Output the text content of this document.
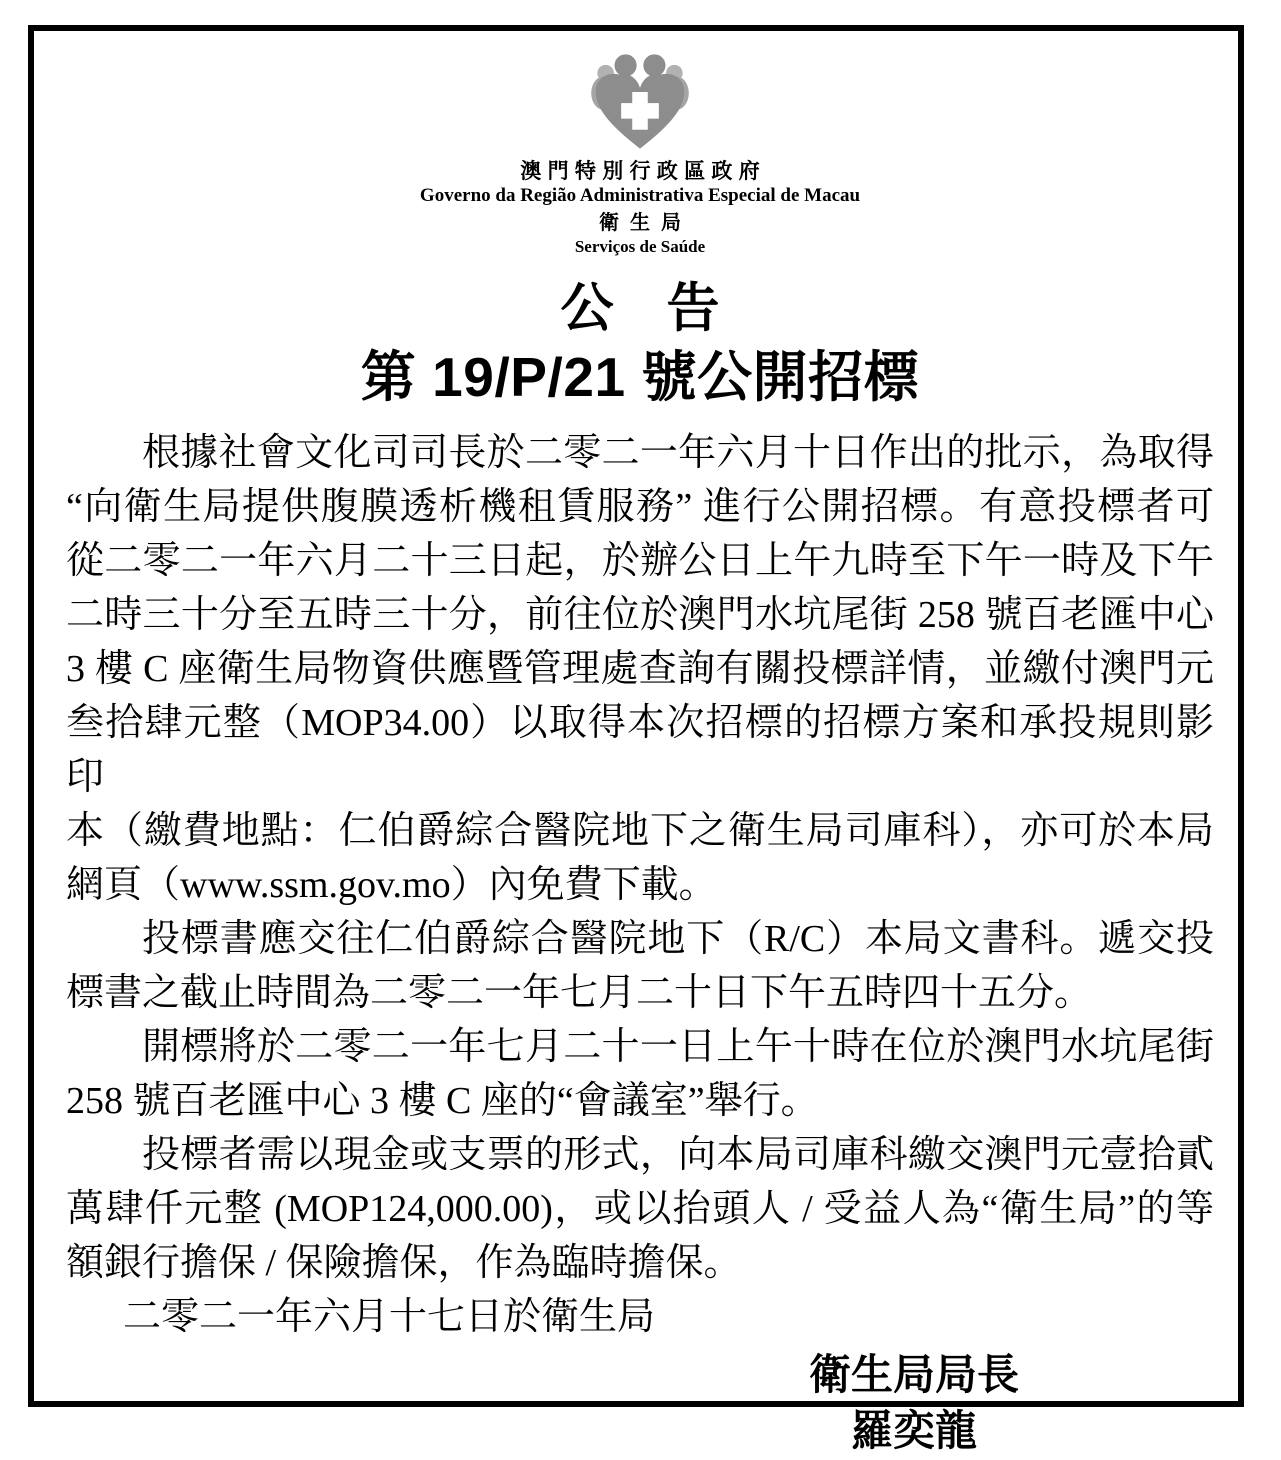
澳門特別行政區政府
Governo da Região Administrativa Especial de Macau
衛生局
Serviços de Saúde
公　告
第 19/P/21 號公開招標
根據社會文化司司長於二零二一年六月十日作出的批示，為取得
“向衛生局提供腹膜透析機租賃服務” 進行公開招標。有意投標者可
從二零二一年六月二十三日起，於辦公日上午九時至下午一時及下午
二時三十分至五時三十分，前往位於澳門水坑尾街 258 號百老匯中心
3 樓 C 座衛生局物資供應暨管理處查詢有關投標詳情，並繳付澳門元
叁拾肆元整（MOP34.00）以取得本次招標的招標方案和承投規則影印
本（繳費地點：仁伯爵綜合醫院地下之衛生局司庫科），亦可於本局
網頁（www.ssm.gov.mo）內免費下載。
投標書應交往仁伯爵綜合醫院地下（R/C）本局文書科。遞交投
標書之截止時間為二零二一年七月二十日下午五時四十五分。
開標將於二零二一年七月二十一日上午十時在位於澳門水坑尾街
258 號百老匯中心 3 樓 C 座的“會議室”舉行。
投標者需以現金或支票的形式，向本局司庫科繳交澳門元壹拾貳
萬肆仟元整 (MOP124,000.00)，或以抬頭人 / 受益人為“衛生局”的等
額銀行擔保 / 保險擔保，作為臨時擔保。
二零二一年六月十七日於衛生局
衛生局局長
羅奕龍
